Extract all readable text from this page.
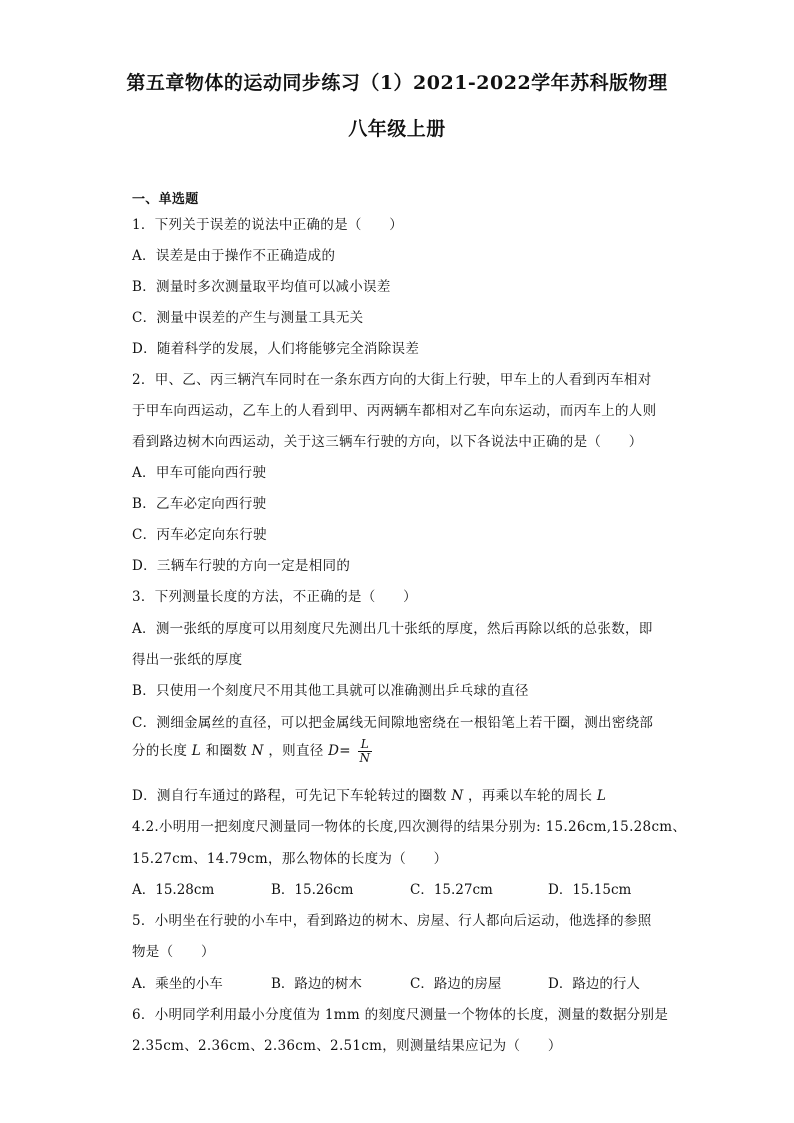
第五章物体的运动同步练习（1）2021-2022学年苏科版物理
八年级上册
一、单选题
1．下列关于误差的说法中正确的是（　　）
A．误差是由于操作不正确造成的
B．测量时多次测量取平均值可以减小误差
C．测量中误差的产生与测量工具无关
D．随着科学的发展，人们将能够完全消除误差
2．甲、乙、丙三辆汽车同时在一条东西方向的大街上行驶，甲车上的人看到丙车相对
于甲车向西运动，乙车上的人看到甲、丙两辆车都相对乙车向东运动，而丙车上的人则
看到路边树木向西运动，关于这三辆车行驶的方向，以下各说法中正确的是（　　）
A．甲车可能向西行驶
B．乙车必定向西行驶
C．丙车必定向东行驶
D．三辆车行驶的方向一定是相同的
3．下列测量长度的方法，不正确的是（　　）
A．测一张纸的厚度可以用刻度尺先测出几十张纸的厚度，然后再除以纸的总张数，即
得出一张纸的厚度
B．只使用一个刻度尺不用其他工具就可以准确测出乒乓球的直径
C．测细金属丝的直径，可以把金属线无间隙地密绕在一根铅笔上若干圈，测出密绕部
分的长度 L 和圈数 N ，则直径 $D= \frac{L}{N}$
D．测自行车通过的路程，可先记下车轮转过的圈数 N ，再乘以车轮的周长 L
4.2.小明用一把刻度尺测量同一物体的长度,四次测得的结果分别为: 15.26cm,15.28cm、
15.27cm、14.79cm，那么物体的长度为（　　）
A．15.28cm	B．15.26cm	C．15.27cm	D．15.15cm
5．小明坐在行驶的小车中，看到路边的树木、房屋、行人都向后运动，他选择的参照
物是（　　）
A．乘坐的小车	B．路边的树木	C．路边的房屋	D．路边的行人
6．小明同学利用最小分度值为 1mm 的刻度尺测量一个物体的长度，测量的数据分别是
2.35cm、2.36cm、2.36cm、2.51cm，则测量结果应记为（　　）
